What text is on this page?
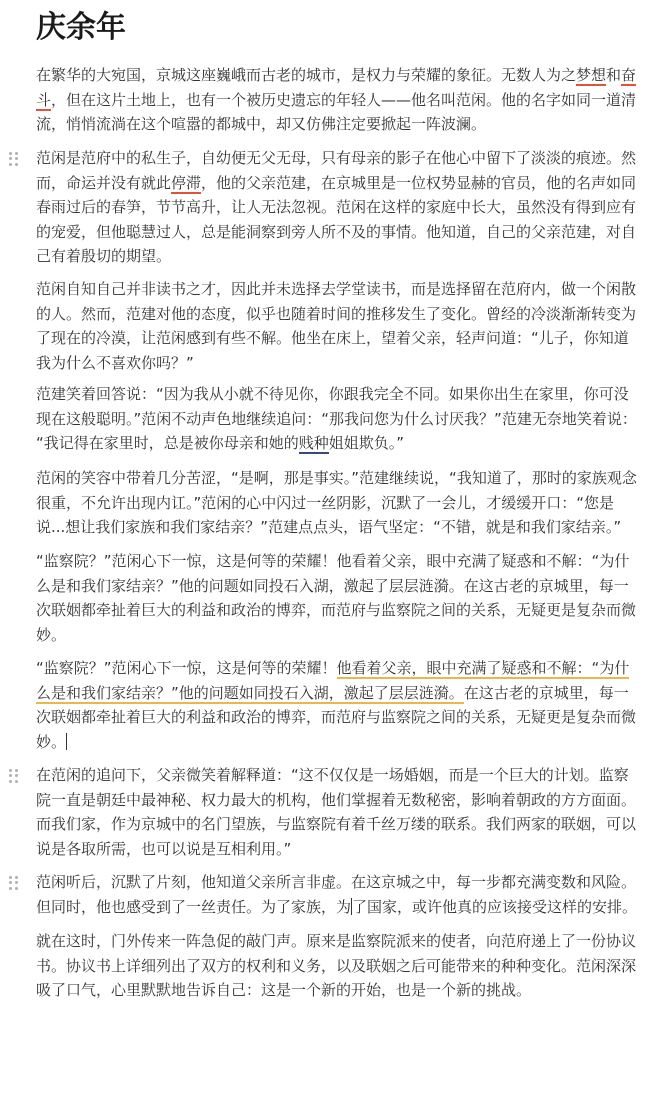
庆余年
在繁华的大宛国，京城这座巍峨而古老的城市，是权力与荣耀的象征。无数人为之梦想和奋
斗，但在这片土地上，也有一个被历史遗忘的年轻人——他名叫范闲。他的名字如同一道清
流，悄悄流淌在这个喧嚣的都城中，却又仿佛注定要掀起一阵波澜。
范闲是范府中的私生子，自幼便无父无母，只有母亲的影子在他心中留下了淡淡的痕迹。然
而，命运并没有就此停滞，他的父亲范建，在京城里是一位权势显赫的官员，他的名声如同
春雨过后的春笋，节节高升，让人无法忽视。范闲在这样的家庭中长大，虽然没有得到应有
的宠爱，但他聪慧过人，总是能洞察到旁人所不及的事情。他知道，自己的父亲范建，对自
己有着殷切的期望。
范闲自知自己并非读书之才，因此并未选择去学堂读书，而是选择留在范府内，做一个闲散
的人。然而，范建对他的态度，似乎也随着时间的推移发生了变化。曾经的冷淡渐渐转变为
了现在的冷漠，让范闲感到有些不解。他坐在床上，望着父亲，轻声问道：“儿子，你知道
我为什么不喜欢你吗？”
范建笑着回答说：“因为我从小就不待见你，你跟我完全不同。如果你出生在家里，你可没
现在这般聪明。”范闲不动声色地继续追问：“那我问您为什么讨厌我？”范建无奈地笑着说：
“我记得在家里时，总是被你母亲和她的贱种姐姐欺负。”
范闲的笑容中带着几分苦涩，“是啊，那是事实。”范建继续说，“我知道了，那时的家族观念
很重，不允许出现内讧。”范闲的心中闪过一丝阴影，沉默了一会儿，才缓缓开口：“您是
说...想让我们家族和我们家结亲？”范建点点头，语气坚定：“不错，就是和我们家结亲。”
“监察院？”范闲心下一惊，这是何等的荣耀！他看着父亲，眼中充满了疑惑和不解：“为什
么是和我们家结亲？”他的问题如同投石入湖，激起了层层涟漪。在这古老的京城里，每一
次联姻都牵扯着巨大的利益和政治的博弈，而范府与监察院之间的关系，无疑更是复杂而微
妙。
“监察院？”范闲心下一惊，这是何等的荣耀！他看着父亲，眼中充满了疑惑和不解：“为什
么是和我们家结亲？”他的问题如同投石入湖，激起了层层涟漪。在这古老的京城里，每一
次联姻都牵扯着巨大的利益和政治的博弈，而范府与监察院之间的关系，无疑更是复杂而微
妙。
在范闲的追问下，父亲微笑着解释道：“这不仅仅是一场婚姻，而是一个巨大的计划。监察
院一直是朝廷中最神秘、权力最大的机构，他们掌握着无数秘密，影响着朝政的方方面面。
而我们家，作为京城中的名门望族，与监察院有着千丝万缕的联系。我们两家的联姻，可以
说是各取所需，也可以说是互相利用。”
范闲听后，沉默了片刻，他知道父亲所言非虚。在这京城之中，每一步都充满变数和风险。
但同时，他也感受到了一丝责任。为了家族，为了国家，或许他真的应该接受这样的安排。
就在这时，门外传来一阵急促的敲门声。原来是监察院派来的使者，向范府递上了一份协议
书。协议书上详细列出了双方的权利和义务，以及联姻之后可能带来的种种变化。范闲深深
吸了口气，心里默默地告诉自己：这是一个新的开始，也是一个新的挑战。
